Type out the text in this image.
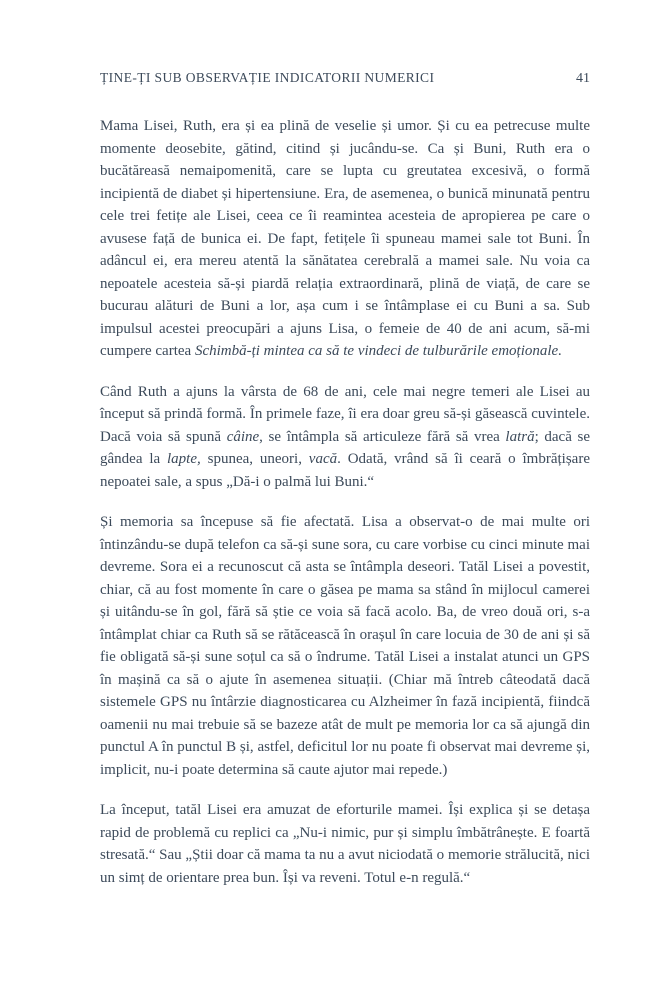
ȚINE-ȚI SUB OBSERVAȚIE INDICATORII NUMERICI	41

Mama Lisei, Ruth, era și ea plină de veselie și umor. Și cu ea petrecuse multe momente deosebite, gătind, citind și jucându-se. Ca și Buni, Ruth era o bucătăreasă nemaipomenită, care se lupta cu greutatea excesivă, o formă incipientă de diabet și hipertensiune. Era, de asemenea, o bunică minunată pentru cele trei fetițe ale Lisei, ceea ce îi reamintea acesteia de apropierea pe care o avusese față de bunica ei. De fapt, fetițele îi spuneau mamei sale tot Buni. În adâncul ei, era mereu atentă la sănătatea cerebrală a mamei sale. Nu voia ca nepoatele acesteia să-și piardă relația extraordinară, plină de viață, de care se bucurau alături de Buni a lor, așa cum i se întâmplase ei cu Buni a sa. Sub impulsul acestei preocupări a ajuns Lisa, o femeie de 40 de ani acum, să-mi cumpere cartea Schimbă-ți mintea ca să te vindeci de tulburările emoționale.

Când Ruth a ajuns la vârsta de 68 de ani, cele mai negre temeri ale Lisei au început să prindă formă. În primele faze, îi era doar greu să-și găsească cuvintele. Dacă voia să spună câine, se întâmpla să articuleze fără să vrea latră; dacă se gândea la lapte, spunea, uneori, vacă. Odată, vrând să îi ceară o îmbrățișare nepoatei sale, a spus „Dă-i o palmă lui Buni.“

Și memoria sa începuse să fie afectată. Lisa a observat-o de mai multe ori întinzându-se după telefon ca să-și sune sora, cu care vorbise cu cinci minute mai devreme. Sora ei a recunoscut că asta se întâmpla deseori. Tatăl Lisei a povestit, chiar, că au fost momente în care o găsea pe mama sa stând în mijlocul camerei și uitându-se în gol, fără să știe ce voia să facă acolo. Ba, de vreo două ori, s-a întâmplat chiar ca Ruth să se rătăcească în orașul în care locuia de 30 de ani și să fie obligată să-și sune soțul ca să o îndrume. Tatăl Lisei a instalat atunci un GPS în mașină ca să o ajute în asemenea situații. (Chiar mă întreb câteodată dacă sistemele GPS nu întârzie diagnosticarea cu Alzheimer în fază incipientă, fiindcă oamenii nu mai trebuie să se bazeze atât de mult pe memoria lor ca să ajungă din punctul A în punctul B și, astfel, deficitul lor nu poate fi observat mai devreme și, implicit, nu-i poate determina să caute ajutor mai repede.)

La început, tatăl Lisei era amuzat de eforturile mamei. Își explica și se detașa rapid de problemă cu replici ca „Nu-i nimic, pur și simplu îmbătrânește. E foartă stresată.“ Sau „Știi doar că mama ta nu a avut niciodată o memorie strălucită, nici un simț de orientare prea bun. Își va reveni. Totul e-n regulă.“
